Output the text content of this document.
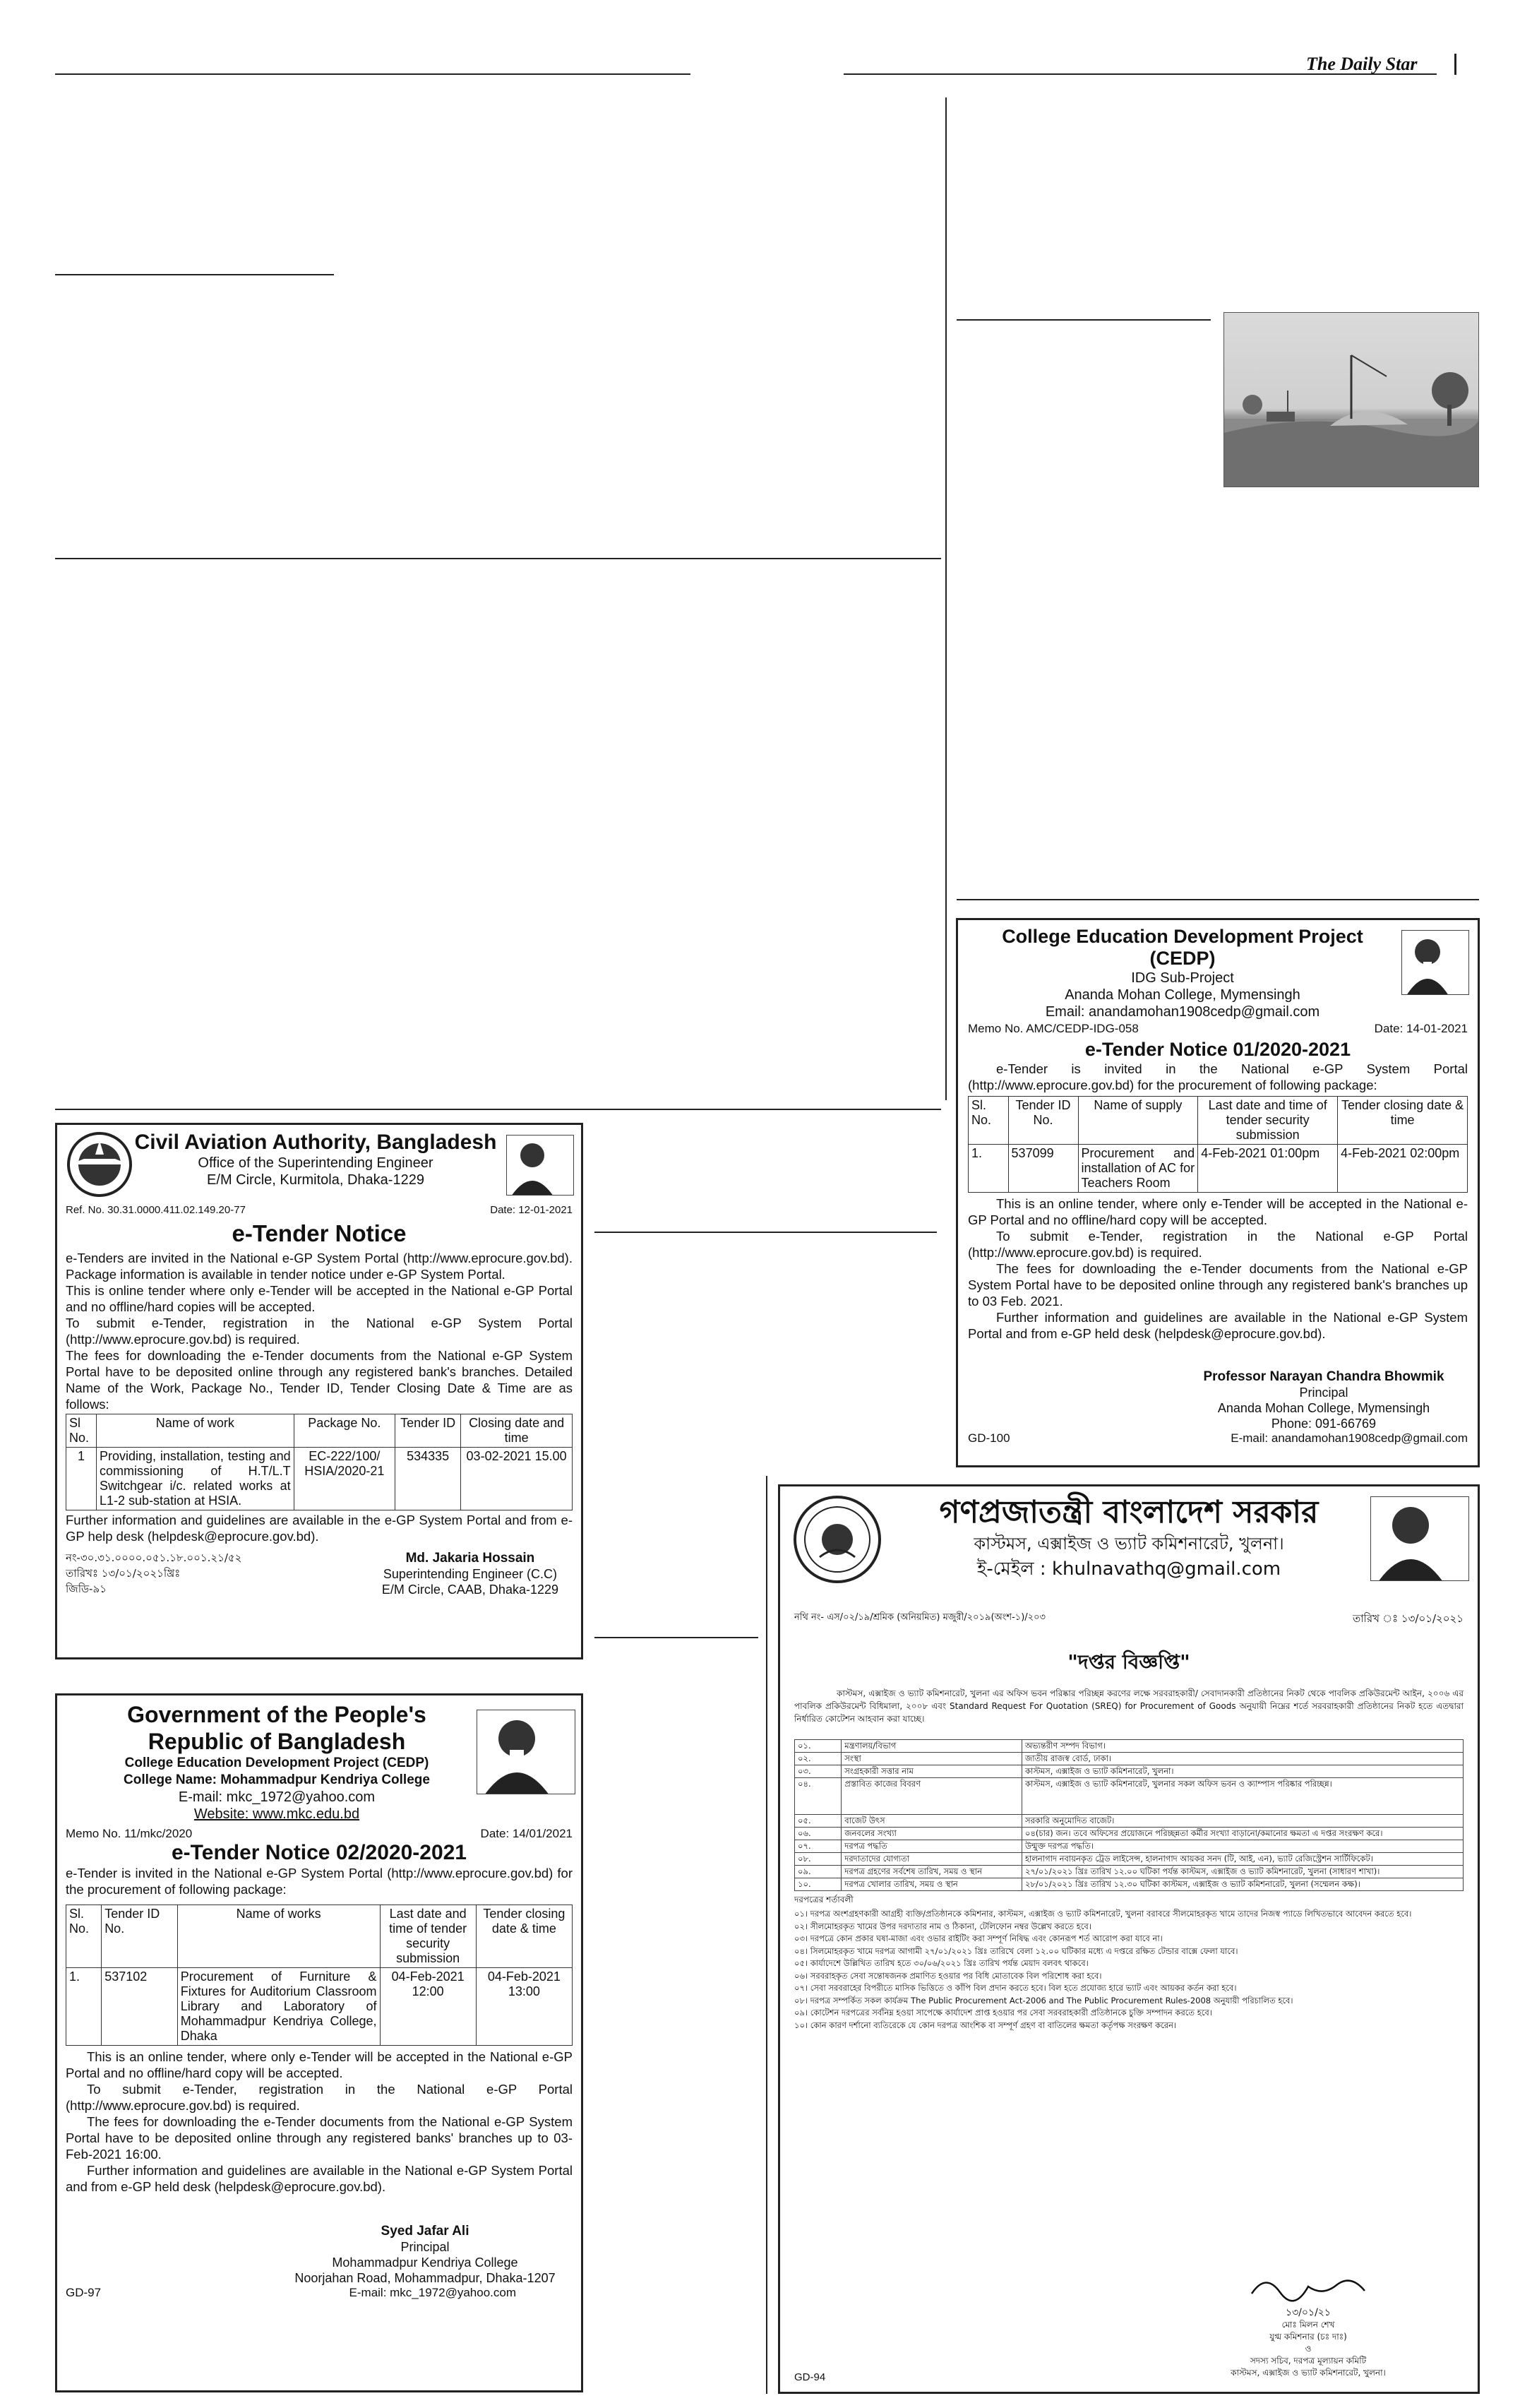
The Daily Star
College Education Development Project (CEDP)
IDG Sub-Project
Ananda Mohan College, Mymensingh
Email: anandamohan1908cedp@gmail.com
Memo No. AMC/CEDP-IDG-058	Date: 14-01-2021
e-Tender Notice 01/2020-2021

e-Tender is invited in the National e-GP System Portal (http://www.eprocure.gov.bd) for the procurement of following package:

Sl. No.	Tender ID No.	Name of supply	Last date and time of tender security submission	Tender closing date & time
1.	537099	Procurement and installation of AC for Teachers Room	4-Feb-2021 01:00pm	4-Feb-2021 02:00pm

This is an online tender, where only e-Tender will be accepted in the National e-GP Portal and no offline/hard copy will be accepted.

To submit e-Tender, registration in the National e-GP Portal (http://www.eprocure.gov.bd) is required.

The fees for downloading the e-Tender documents from the National e-GP System Portal have to be deposited online through any registered bank's branches up to 03 Feb. 2021.

Further information and guidelines are available in the National e-GP System Portal and from e-GP held desk (helpdesk@eprocure.gov.bd).

Professor Narayan Chandra Bhowmik
Principal
Ananda Mohan College, Mymensingh
Phone: 091-66769
GD-100	E-mail: anandamohan1908cedp@gmail.com
Civil Aviation Authority, Bangladesh
Office of the Superintending Engineer
E/M Circle, Kurmitola, Dhaka-1229
Ref. No. 30.31.0000.411.02.149.20-77	Date: 12-01-2021
e-Tender Notice

e-Tenders are invited in the National e-GP System Portal (http://www.eprocure.gov.bd). Package information is available in tender notice under e-GP System Portal.

This is online tender where only e-Tender will be accepted in the National e-GP Portal and no offline/hard copies will be accepted.

To submit e-Tender, registration in the National e-GP System Portal (http://www.eprocure.gov.bd) is required.

The fees for downloading the e-Tender documents from the National e-GP System Portal have to be deposited online through any registered bank's branches. Detailed Name of the Work, Package No., Tender ID, Tender Closing Date & Time are as follows:

Sl No.	Name of work	Package No.	Tender ID	Closing date and time
1	Providing, installation, testing and commissioning of H.T/L.T Switchgear i/c. related works at L1-2 sub-station at HSIA.	EC-222/100/ HSIA/2020-21	534335	03-02-2021 15.00

Further information and guidelines are available in the e-GP System Portal and from e-GP help desk (helpdesk@eprocure.gov.bd).

নং-৩০.৩১.০০০০.০৫১.১৮.০০১.২১/৫২
তারিখঃ ১৩/০১/২০২১খ্রিঃ
জিডি-৯১
Md. Jakaria Hossain
Superintending Engineer (C.C)
E/M Circle, CAAB, Dhaka-1229
Government of the People's
Republic of Bangladesh
College Education Development Project (CEDP)
College Name: Mohammadpur Kendriya College
E-mail: mkc_1972@yahoo.com
Website: www.mkc.edu.bd
Memo No. 11/mkc/2020	Date: 14/01/2021
e-Tender Notice 02/2020-2021

e-Tender is invited in the National e-GP System Portal (http://www.eprocure.gov.bd) for the procurement of following package:

Sl. No.	Tender ID No.	Name of works	Last date and time of tender security submission	Tender closing date & time
1.	537102	Procurement of Furniture & Fixtures for Auditorium Classroom Library and Laboratory of Mohammadpur Kendriya College, Dhaka	04-Feb-2021 12:00	04-Feb-2021 13:00

This is an online tender, where only e-Tender will be accepted in the National e-GP Portal and no offline/hard copy will be accepted.

To submit e-Tender, registration in the National e-GP Portal (http://www.eprocure.gov.bd) is required.

The fees for downloading the e-Tender documents from the National e-GP System Portal have to be deposited online through any registered banks' branches up to 03-Feb-2021 16:00.

Further information and guidelines are available in the National e-GP System Portal and from e-GP held desk (helpdesk@eprocure.gov.bd).

Syed Jafar Ali
Principal
Mohammadpur Kendriya College
Noorjahan Road, Mohammadpur, Dhaka-1207
GD-97	E-mail: mkc_1972@yahoo.com
গণপ্রজাতন্ত্রী বাংলাদেশ সরকার
কাস্টমস, এক্সাইজ ও ভ্যাট কমিশনারেট, খুলনা।
ই-মেইল : khulnavathq@gmail.com
নথি নং- এস/০২/১৯/শ্রমিক (অনিয়মিত) মজুরী/২০১৯(অংশ-১)/২০৩	তারিখ ঃ ১৩/০১/২০২১
"দপ্তর বিজ্ঞপ্তি"

কাস্টমস, এক্সাইজ ও ভ্যাট কমিশনারেট, খুলনা এর অফিস ভবন পরিষ্কার পরিচ্ছন্ন করণের লক্ষে সরবরাহকারী/ সেবাদানকারী প্রতিষ্ঠানের নিকট থেকে পাবলিক প্রকিউরমেন্ট আইন, ২০০৬ এর পাবলিক প্রকিউরমেন্ট বিধিমালা, ২০০৮ এবং Standard Request For Quotation (SREQ) for Procurement of Goods অনুযায়ী নিম্নের শর্তে সরবরাহকারী প্রতিষ্ঠানের নিকট হতে এতদ্বারা নির্ধারিত কোটেশন আহবান করা যাচ্ছে।

০১.	মন্ত্রণালয়/বিভাগ	অভ্যন্তরীণ সম্পদ বিভাগ।
০২.	সংস্থা	জাতীয় রাজস্ব বোর্ড, ঢাকা।
০৩.	সংগ্রহকারী সত্তার নাম	কাস্টমস, এক্সাইজ ও ভ্যাট কমিশনারেট, খুলনা।
০৪.	প্রস্তাবিত কাজের বিবরণ	কাস্টমস, এক্সাইজ ও ভ্যাট কমিশনারেট, খুলনার সকল অফিস ভবন ও ক্যাম্পাস পরিষ্কার পরিচ্ছন্ন।
০৫.	বাজেট উৎস	সরকারি অনুমোদিত বাজেট।
০৬.	জনবলের সংখ্যা	০৪(চার) জন। তবে অফিসের প্রয়োজনে পরিচ্ছন্নতা কর্মীর সংখ্যা বাড়ানো/কমানোর ক্ষমতা এ দপ্তর সংরক্ষণ করে।
০৭.	দরপত্র পদ্ধতি	উন্মুক্ত দরপত্র পদ্ধতি।
০৮.	দরদাতাদের যোগ্যতা	হালনাগাদ নবায়নকৃত ট্রেড লাইসেন্স, হালনাগাদ আয়কর সনদ (টি, আই, এন), ভ্যাট রেজিস্ট্রেশন সার্টিফিকেট।
০৯.	দরপত্র গ্রহণের সর্বশেষ তারিখ, সময় ও স্থান	২৭/০১/২০২১ খ্রিঃ তারিখ ১২.০০ ঘটিকা পর্যন্ত কাস্টমস, এক্সাইজ ও ভ্যাট কমিশনারেট, খুলনা (সাধারণ শাখা)।
১০.	দরপত্র খোলার তারিখ, সময় ও স্থান	২৮/০১/২০২১ খ্রিঃ তারিখ ১২.৩০ ঘটিকা কাস্টমস, এক্সাইজ ও ভ্যাট কমিশনারেট, খুলনা (সম্মেলন কক্ষ)।
দরপত্রের শর্তাবলী
০১। দরপত্র অংশগ্রহণকারী আগ্রহী ব্যক্তি/প্রতিষ্ঠানকে কমিশনার, কাস্টমস, এক্সাইজ ও ভ্যাট কমিশনারেট, খুলনা বরাবরে সীলমোহরকৃত খামে তাদের নিজস্ব প্যাডে লিখিতভাবে আবেদন করতে হবে।
০২। সীলমোহরকৃত খামের উপর দরদাতার নাম ও ঠিকানা, টেলিফোন নম্বর উল্লেখ করতে হবে।
০৩। দরপত্রে কোন প্রকার ঘষা-মাজা এবং ওভার রাইটিং করা সম্পূর্ণ নিষিদ্ধ এবং কোনরূপ শর্ত আরোপ করা যাবে না।
০৪। সিলমোহরকৃত খামে দরপত্র আগামী ২৭/০১/২০২১ খ্রিঃ তারিখে বেলা ১২.০০ ঘটিকার মধ্যে এ দপ্তরে রক্ষিত টেন্ডার বাক্সে ফেলা যাবে।
০৫। কার্যাদেশে উল্লিখিত তারিখ হতে ৩০/০৬/২০২১ খ্রিঃ তারিখ পর্যন্ত মেয়াদ বলবৎ থাকবে।
০৬। সরবরাহকৃত সেবা সন্তোষজনক প্রমাণিত হওয়ার পর বিধি মোতাবেক বিল পরিশোধ করা হবে।
০৭। সেবা সরবরাহের বিপরীতে মাসিক ভিত্তিতে ও কাঁপি বিল প্রদান করতে হবে। বিল হতে প্রযোজ্য হারে ভ্যাট এবং আয়কর কর্তন করা হবে।
০৮। দরপত্র সম্পর্কিত সকল কার্যক্রম The Public Procurement Act-2006 and The Public Procurement Rules-2008 অনুযায়ী পরিচালিত হবে।
০৯। কোটেশন দরপত্রের সর্বনিম্ন হওয়া সাপেক্ষে কার্যাদেশ প্রাপ্ত হওয়ার পর সেবা সরবরাহকারী প্রতিষ্ঠানকে চুক্তি সম্পাদন করতে হবে।
১০। কোন কারণ দর্শানো ব্যতিরেকে যে কোন দরপত্র আংশিক বা সম্পূর্ণ গ্রহণ বা বাতিলের ক্ষমতা কর্তৃপক্ষ সংরক্ষণ করেন।
১৩/০১/২১
মোঃ মিলন শেখ
যুগ্ম কমিশনার (চঃ দাঃ)
ও
সদস্য সচিব, দরপত্র মূল্যায়ন কমিটি
কাস্টমস, এক্সাইজ ও ভ্যাট কমিশনারেট, খুলনা।
GD-94
